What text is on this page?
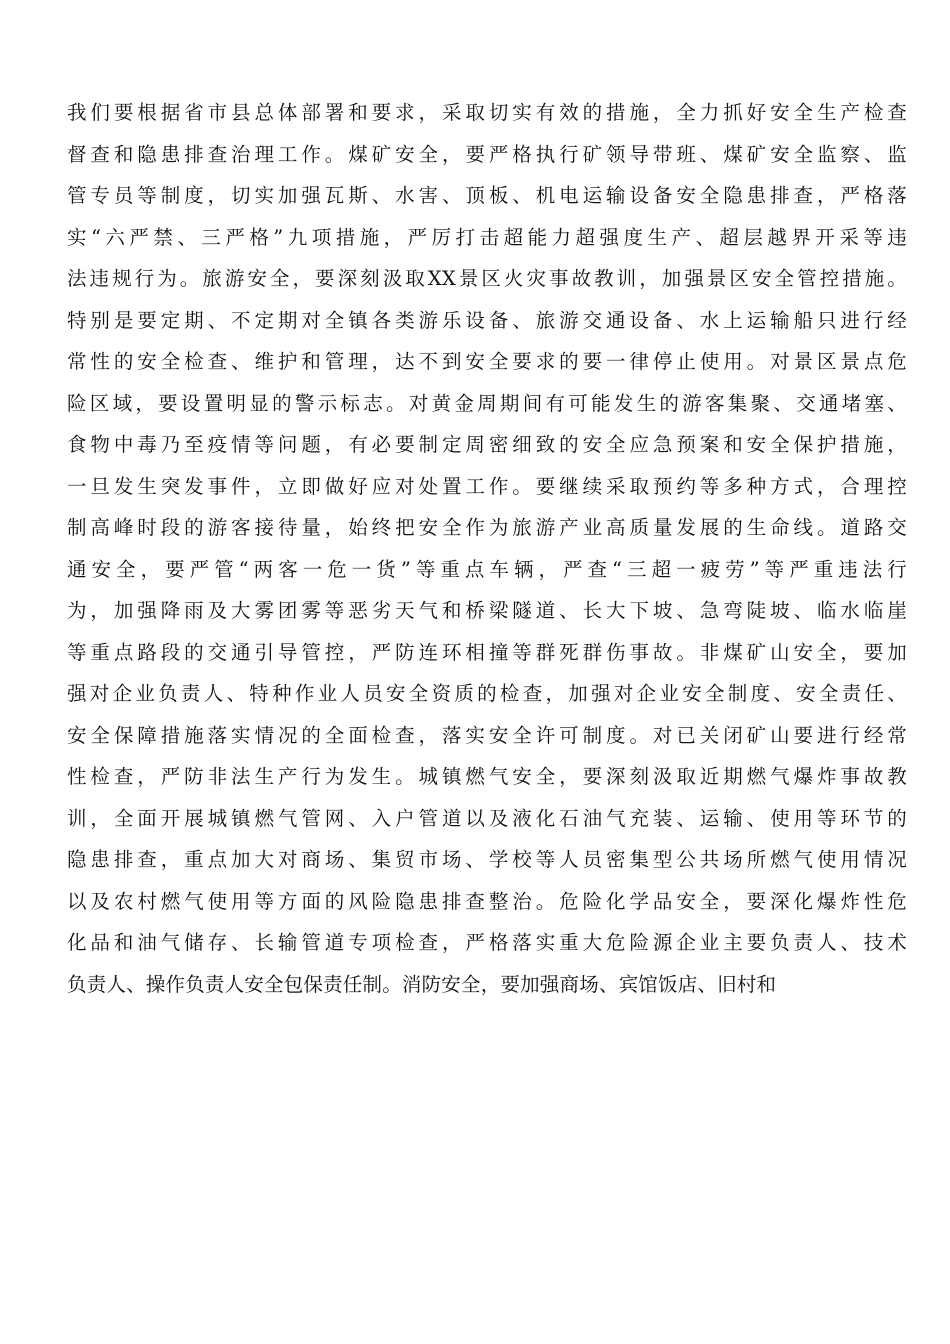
我们要根据省市县总体部署和要求，采取切实有效的措施，全力抓好安全生产检查
督查和隐患排查治理工作。煤矿安全，要严格执行矿领导带班、煤矿安全监察、监
管专员等制度，切实加强瓦斯、水害、顶板、机电运输设备安全隐患排查，严格落
实“六严禁、三严格”九项措施，严厉打击超能力超强度生产、超层越界开采等违
法违规行为。旅游安全，要深刻汲取XX景区火灾事故教训，加强景区安全管控措施。
特别是要定期、不定期对全镇各类游乐设备、旅游交通设备、水上运输船只进行经
常性的安全检查、维护和管理，达不到安全要求的要一律停止使用。对景区景点危
险区域，要设置明显的警示标志。对黄金周期间有可能发生的游客集聚、交通堵塞、
食物中毒乃至疫情等问题，有必要制定周密细致的安全应急预案和安全保护措施，
一旦发生突发事件，立即做好应对处置工作。要继续采取预约等多种方式，合理控
制高峰时段的游客接待量，始终把安全作为旅游产业高质量发展的生命线。道路交
通安全，要严管“两客一危一货”等重点车辆，严查“三超一疲劳”等严重违法行
为，加强降雨及大雾团雾等恶劣天气和桥梁隧道、长大下坡、急弯陡坡、临水临崖
等重点路段的交通引导管控，严防连环相撞等群死群伤事故。非煤矿山安全，要加
强对企业负责人、特种作业人员安全资质的检查，加强对企业安全制度、安全责任、
安全保障措施落实情况的全面检查，落实安全许可制度。对已关闭矿山要进行经常
性检查，严防非法生产行为发生。城镇燃气安全，要深刻汲取近期燃气爆炸事故教
训，全面开展城镇燃气管网、入户管道以及液化石油气充装、运输、使用等环节的
隐患排查，重点加大对商场、集贸市场、学校等人员密集型公共场所燃气使用情况
以及农村燃气使用等方面的风险隐患排查整治。危险化学品安全，要深化爆炸性危
化品和油气储存、长输管道专项检查，严格落实重大危险源企业主要负责人、技术
负责人、操作负责人安全包保责任制。消防安全，要加强商场、宾馆饭店、旧村和
